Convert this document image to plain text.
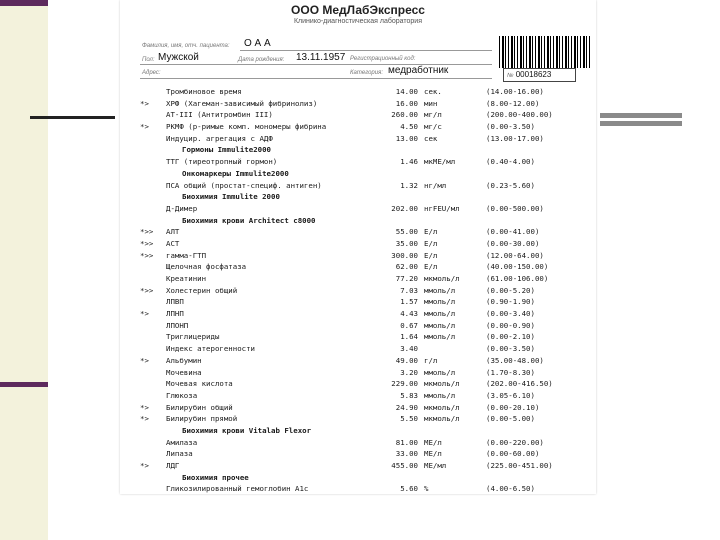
ООО МедЛабЭкспресс
Клинико-диагностическая лаборатория
Фамилия, имя, отч. пациента: О А А
Пол: Мужской	Дата рождения: 13.11.1957 Регистрационный код:
Адрес:	Категория: медработник	№ 00018623
Тромбиновое время	14.00 сек.	(14.00-16.00)
*> ХРФ (Хагеман-зависимый фибринолиз)	16.00 мин	(8.00-12.00)
АТ-III (Антитромбин III)	260.00 мг/л	(200.00-400.00)
*> РКМФ (р-римые комп. мономеры фибрина	4.50 мг/с	(0.00-3.50)
Индуцир. агрегация с АДФ	13.00 сек	(13.00-17.00)
Гормоны Immulite2000
ТТГ (тиреотропный гормон)	1.46 мкМЕ/мл	(0.40-4.00)
Онкомаркеры Immulite2000
ПСА общий (простат-специф. антиген)	1.32 нг/мл	(0.23-5.60)
Биохимия Immulite 2000
Д-Димер	202.00 нгFEU/мл	(0.00-500.00)
Биохимия крови Architect c8000
*>> АЛТ	55.00 Е/л	(0.00-41.00)
*>> АСТ	35.00 Е/л	(0.00-30.00)
*>> гамма-ГТП	300.00 Е/л	(12.00-64.00)
Щелочная фосфатаза	62.00 Е/л	(40.00-150.00)
Креатинин	77.20 мкмоль/л	(61.00-106.00)
*>> Холестерин общий	7.03 ммоль/л	(0.00-5.20)
ЛПВП	1.57 ммоль/л	(0.90-1.90)
*> ЛПНП	4.43 ммоль/л	(0.00-3.40)
ЛПОНП	0.67 ммоль/л	(0.00-0.90)
Триглицериды	1.64 ммоль/л	(0.00-2.10)
Индекс атерогенности	3.40	(0.00-3.50)
*> Альбумин	49.00 г/л	(35.00-48.00)
Мочевина	3.20 ммоль/л	(1.70-8.30)
Мочевая кислота	229.00 мкмоль/л	(202.00-416.50)
Глюкоза	5.83 ммоль/л	(3.05-6.10)
*> Билирубин общий	24.90 мкмоль/л	(0.00-20.10)
*> Билирубин прямой	5.50 мкмоль/л	(0.00-5.00)
Биохимия крови Vitalab Flexor
Амилаза	81.00 МЕ/л	(0.00-220.00)
Липаза	33.00 МЕ/л	(0.00-60.00)
*> ЛДГ	455.00 МЕ/мл	(225.00-451.00)
Биохимия прочее
Гликозилированный гемоглобин A1c	5.60 %	(4.00-6.50)
